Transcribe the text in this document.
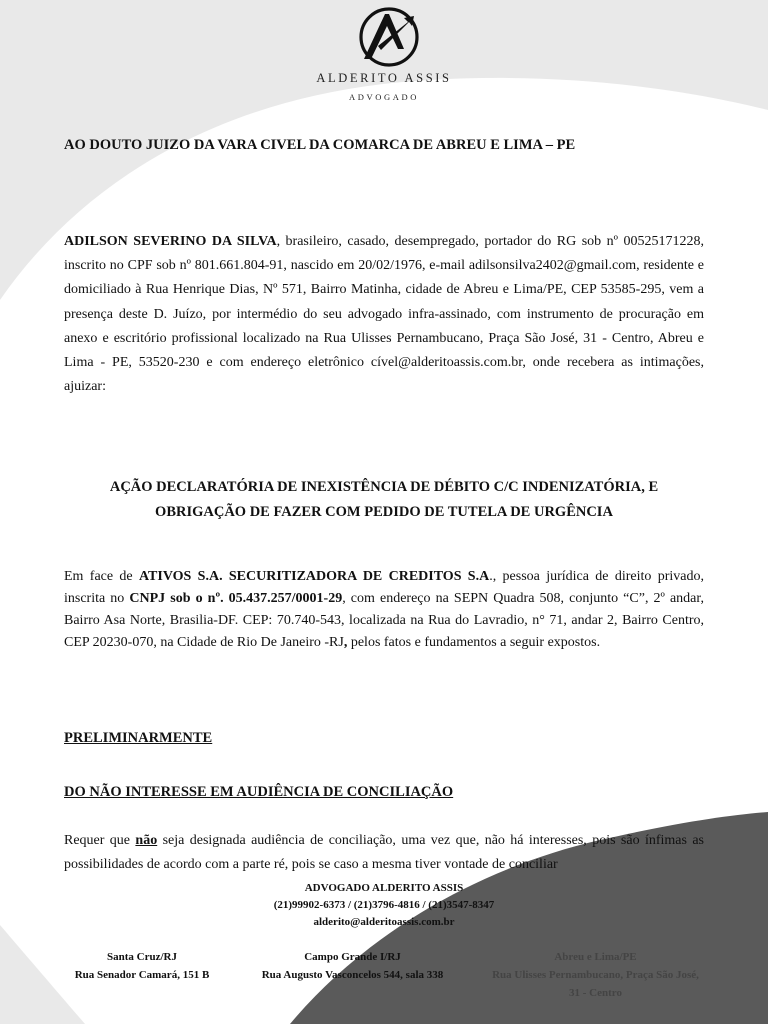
ALDERITO ASSIS
ADVOGADO
AO DOUTO JUIZO DA VARA CIVEL DA COMARCA DE ABREU E LIMA – PE
ADILSON SEVERINO DA SILVA, brasileiro, casado, desempregado, portador do RG sob nº 00525171228, inscrito no CPF sob nº 801.661.804-91, nascido em 20/02/1976, e-mail adilsonsilva2402@gmail.com, residente e domiciliado à Rua Henrique Dias, Nº 571, Bairro Matinha, cidade de Abreu e Lima/PE, CEP 53585-295, vem a presença deste D. Juízo, por intermédio do seu advogado infra-assinado, com instrumento de procuração em anexo e escritório profissional localizado na Rua Ulisses Pernambucano, Praça São José, 31 - Centro, Abreu e Lima - PE, 53520-230 e com endereço eletrônico cível@alderitoassis.com.br, onde recebera as intimações, ajuizar:
AÇÃO DECLARATÓRIA DE INEXISTÊNCIA DE DÉBITO C/C INDENIZATÓRIA, E
OBRIGAÇÃO DE FAZER COM PEDIDO DE TUTELA DE URGÊNCIA
Em face de ATIVOS S.A. SECURITIZADORA DE CREDITOS S.A., pessoa jurídica de direito privado, inscrita no CNPJ sob o nº. 05.437.257/0001-29, com endereço na SEPN Quadra 508, conjunto “C”, 2º andar, Bairro Asa Norte, Brasilia-DF. CEP: 70.740-543, localizada na Rua do Lavradio, n° 71, andar 2, Bairro Centro, CEP 20230-070, na Cidade de Rio De Janeiro -RJ, pelos fatos e fundamentos a seguir expostos.
PRELIMINARMENTE
DO NÃO INTERESSE EM AUDIÊNCIA DE CONCILIAÇÃO
Requer que não seja designada audiência de conciliação, uma vez que, não há interesses, pois são ínfimas as possibilidades de acordo com a parte ré, pois se caso a mesma tiver vontade de conciliar
ADVOGADO ALDERITO ASSIS
(21)99902-6373 / (21)3796-4816 / (21)3547-8347
alderito@alderitoassis.com.br
Santa Cruz/RJ
Rua Senador Camará, 151 B
Campo Grande I/RJ
Rua Augusto Vasconcelos 544, sala 338
Abreu e Lima/PE
Rua Ulisses Pernambucano, Praça São José, 31 - Centro
